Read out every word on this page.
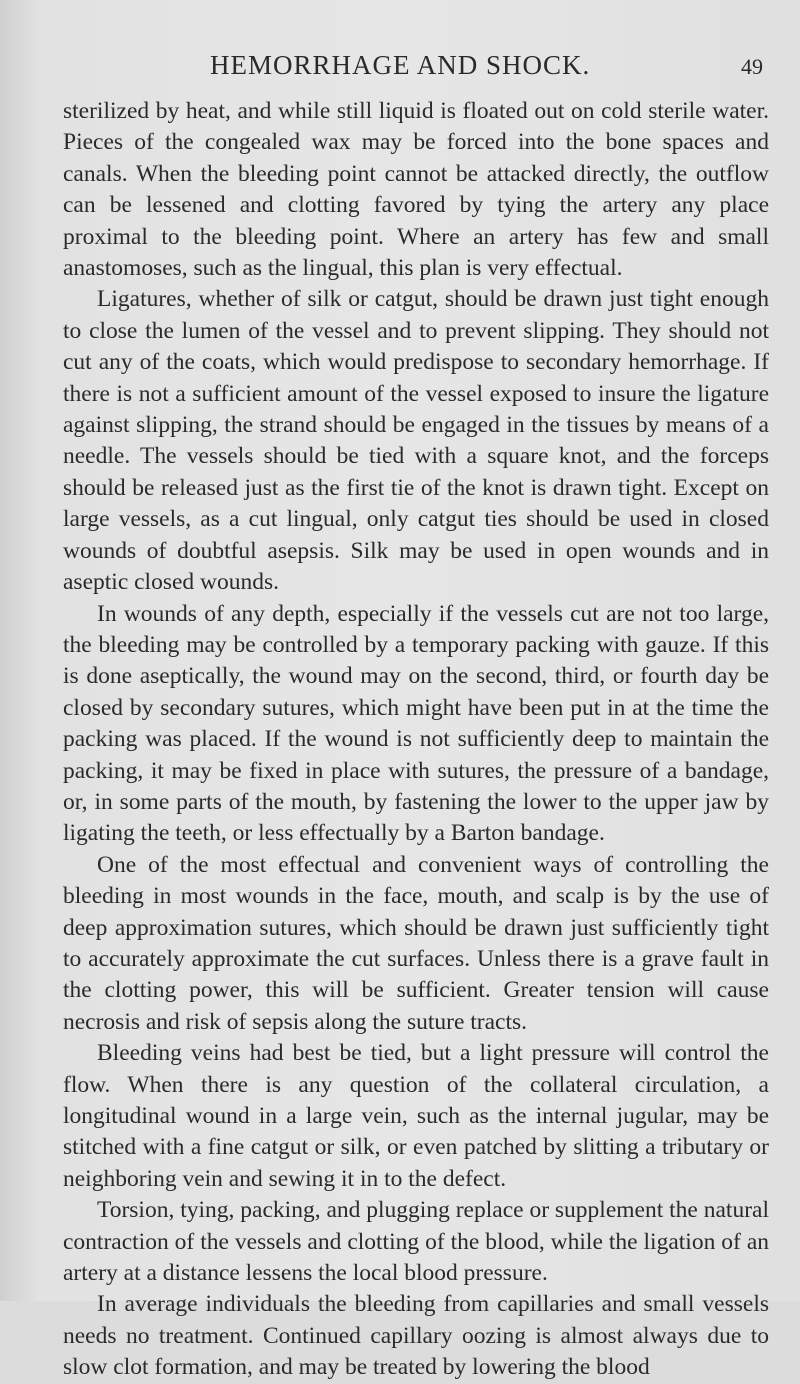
HEMORRHAGE AND SHOCK.	49

sterilized by heat, and while still liquid is floated out on cold sterile water. Pieces of the congealed wax may be forced into the bone spaces and canals. When the bleeding point cannot be attacked directly, the outflow can be lessened and clotting favored by tying the artery any place proximal to the bleeding point. Where an artery has few and small anastomoses, such as the lingual, this plan is very effectual.

Ligatures, whether of silk or catgut, should be drawn just tight enough to close the lumen of the vessel and to prevent slipping. They should not cut any of the coats, which would predispose to secondary hemorrhage. If there is not a sufficient amount of the vessel exposed to insure the ligature against slipping, the strand should be engaged in the tissues by means of a needle. The vessels should be tied with a square knot, and the forceps should be released just as the first tie of the knot is drawn tight. Except on large vessels, as a cut lingual, only catgut ties should be used in closed wounds of doubtful asepsis. Silk may be used in open wounds and in aseptic closed wounds.

In wounds of any depth, especially if the vessels cut are not too large, the bleeding may be controlled by a temporary packing with gauze. If this is done aseptically, the wound may on the second, third, or fourth day be closed by secondary sutures, which might have been put in at the time the packing was placed. If the wound is not sufficiently deep to maintain the packing, it may be fixed in place with sutures, the pressure of a bandage, or, in some parts of the mouth, by fastening the lower to the upper jaw by ligating the teeth, or less effectually by a Barton bandage.

One of the most effectual and convenient ways of controlling the bleeding in most wounds in the face, mouth, and scalp is by the use of deep approximation sutures, which should be drawn just sufficiently tight to accurately approximate the cut surfaces. Unless there is a grave fault in the clotting power, this will be sufficient. Greater tension will cause necrosis and risk of sepsis along the suture tracts.

Bleeding veins had best be tied, but a light pressure will control the flow. When there is any question of the collateral circulation, a longitudinal wound in a large vein, such as the internal jugular, may be stitched with a fine catgut or silk, or even patched by slitting a tributary or neighboring vein and sewing it in to the defect.

Torsion, tying, packing, and plugging replace or supplement the natural contraction of the vessels and clotting of the blood, while the ligation of an artery at a distance lessens the local blood pressure.

In average individuals the bleeding from capillaries and small vessels needs no treatment. Continued capillary oozing is almost always due to slow clot formation, and may be treated by lowering the blood
